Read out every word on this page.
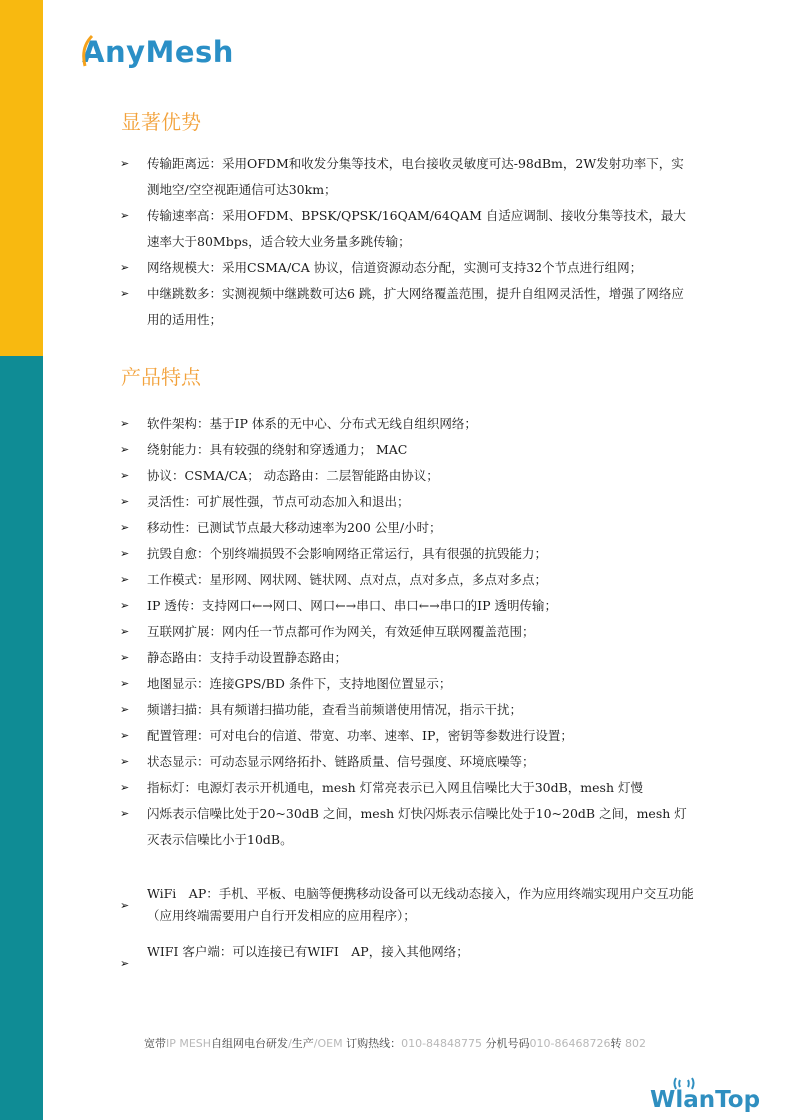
AnyMesh
显著优势
➢ 传输距离远：采用OFDM和收发分集等技术，电台接收灵敏度可达-98dBm，2W发射功率下，实测地空/空空视距通信可达30km；
➢ 传输速率高：采用OFDM、BPSK/QPSK/16QAM/64QAM 自适应调制、接收分集等技术，最大速率大于80Mbps，适合较大业务量多跳传输；
➢ 网络规模大：采用CSMA/CA 协议，信道资源动态分配，实测可支持32个节点进行组网；
➢ 中继跳数多：实测视频中继跳数可达6 跳，扩大网络覆盖范围，提升自组网灵活性，增强了网络应用的适用性；
产品特点
➢ 软件架构：基于IP 体系的无中心、分布式无线自组织网络；
➢ 绕射能力：具有较强的绕射和穿透通力； MAC
➢ 协议：CSMA/CA； 动态路由：二层智能路由协议；
➢ 灵活性：可扩展性强，节点可动态加入和退出；
➢ 移动性：已测试节点最大移动速率为200 公里/小时；
➢ 抗毁自愈：个别终端损毁不会影响网络正常运行，具有很强的抗毁能力；
➢ 工作模式：星形网、网状网、链状网、点对点，点对多点，多点对多点；
➢ IP 透传：支持网口←→网口、网口←→串口、串口←→串口的IP 透明传输；
➢ 互联网扩展：网内任一节点都可作为网关，有效延伸互联网覆盖范围；
➢ 静态路由：支持手动设置静态路由；
➢ 地图显示：连接GPS/BD 条件下，支持地图位置显示；
➢ 频谱扫描：具有频谱扫描功能，查看当前频谱使用情况，指示干扰；
➢ 配置管理：可对电台的信道、带宽、功率、速率、IP，密钥等参数进行设置；
➢ 状态显示：可动态显示网络拓扑、链路质量、信号强度、环境底噪等；
➢ 指标灯：电源灯表示开机通电，mesh 灯常亮表示已入网且信噪比大于30dB，mesh 灯慢
➢ 闪烁表示信噪比处于20~30dB 之间，mesh 灯快闪烁表示信噪比处于10~20dB 之间，mesh 灯灭表示信噪比小于10dB。
➢
WiFi　AP：手机、平板、电脑等便携移动设备可以无线动态接入，作为应用终端实现用户交互功能（应用终端需要用户自行开发相应的应用程序）；
➢
WIFI 客户端：可以连接已有WIFI　AP，接入其他网络；
宽带IP MESH自组网电台研发/生产/OEM 订购热线：010-84848775 分机号码010-86468726转 802
WlanTop
